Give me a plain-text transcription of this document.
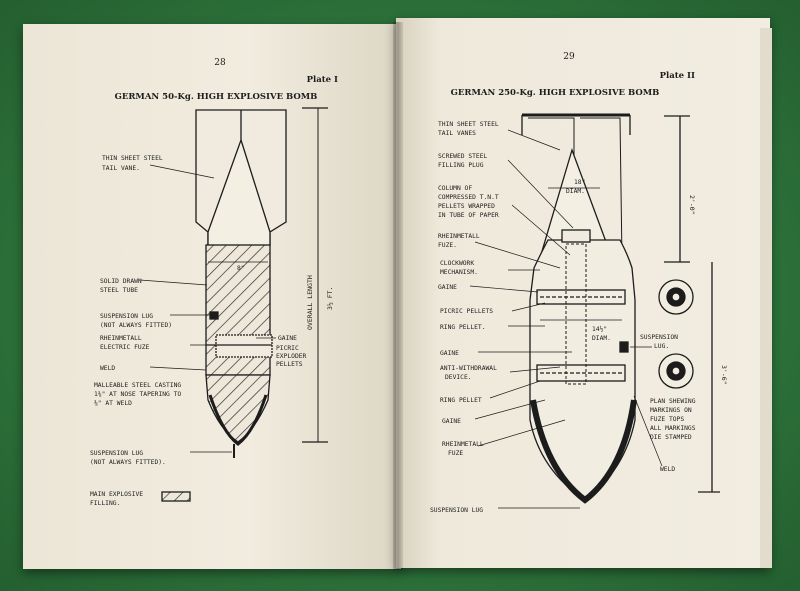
28
Plate I
GERMAN 50-Kg. HIGH EXPLOSIVE BOMB
THIN SHEET STEEL
TAIL VANE.
OVERALL LENGTH 3½ FT.
8"
SOLID DRAWN
STEEL TUBE
SUSPENSION LUG
(NOT ALWAYS FITTED)
GAINE
RHEINMETALL
ELECTRIC FUZE	PICRIC
EXPLODER
PELLETS
WELD
MALLEABLE STEEL CASTING
1⅜" AT NOSE TAPERING TO
⅜" AT WELD
SUSPENSION LUG
(NOT ALWAYS FITTED).
MAIN EXPLOSIVE
FILLING.
29
Plate II
GERMAN 250-Kg. HIGH EXPLOSIVE BOMB
THIN SHEET STEEL
TAIL VANES
SCREWED STEEL
FILLING PLUG
18"
DIAM.
COLUMN OF
COMPRESSED T.N.T
PELLETS WRAPPED
IN TUBE OF PAPER
RHEINMETALL
FUZE.
CLOCKWORK
MECHANISM.
GAINE
PICRIC PELLETS
RING PELLET.
GAINE
ANTI-WITHDRAWAL
DEVICE.
RING PELLET
GAINE
RHEINMETALL
FUZE
SUSPENSION LUG
14½"
DIAM.	SUSPENSION
LUG.
PLAN SHEWING
MARKINGS ON
FUZE TOPS
ALL MARKINGS
DIE STAMPED
WELD
2'-0"
3'-6"
